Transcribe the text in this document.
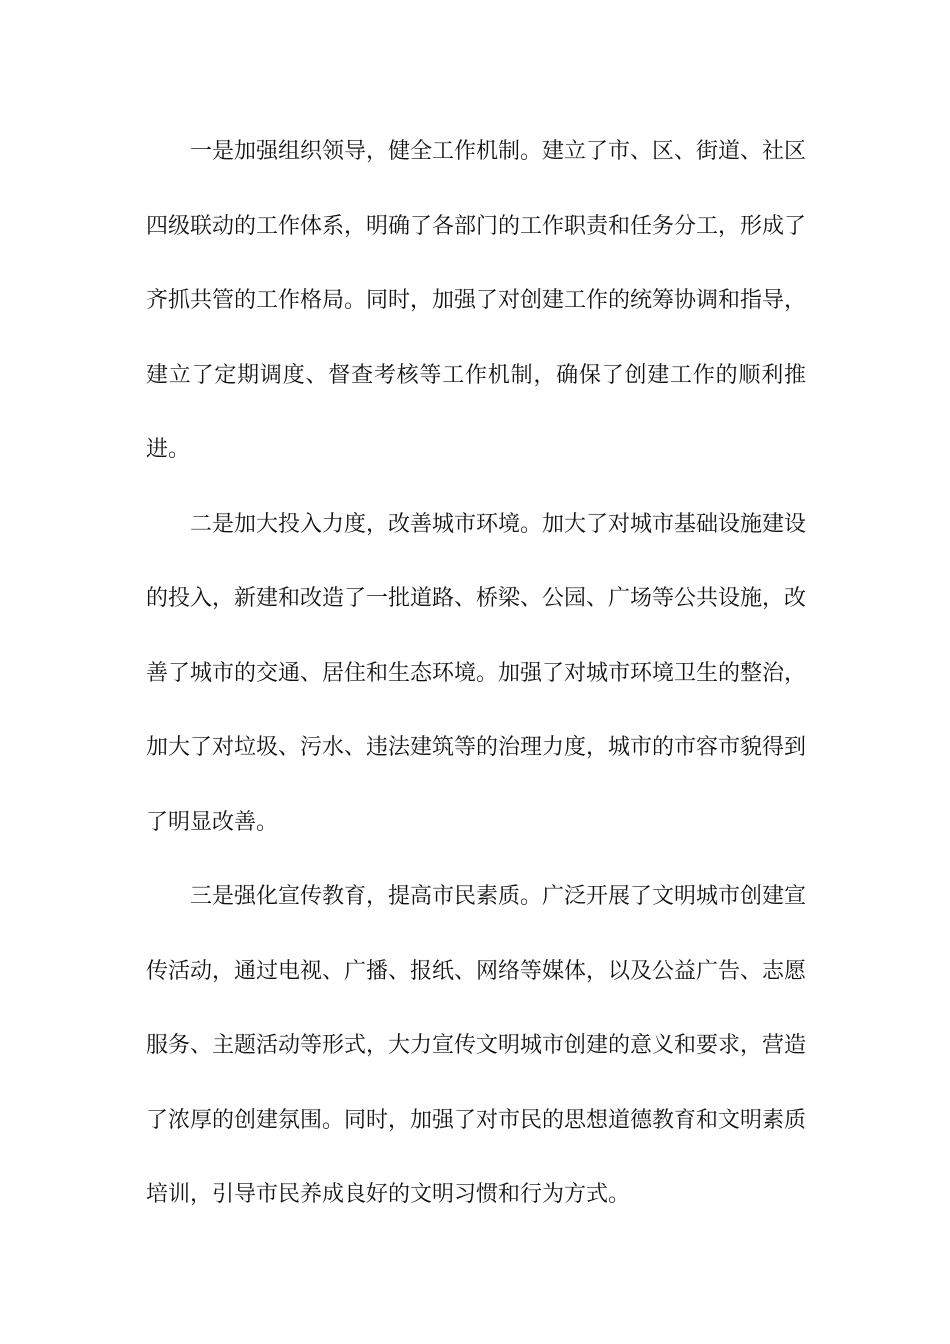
一是加强组织领导，健全工作机制。建立了市、区、街道、社区四级联动的工作体系，明确了各部门的工作职责和任务分工，形成了齐抓共管的工作格局。同时，加强了对创建工作的统筹协调和指导，建立了定期调度、督查考核等工作机制，确保了创建工作的顺利推进。

二是加大投入力度，改善城市环境。加大了对城市基础设施建设的投入，新建和改造了一批道路、桥梁、公园、广场等公共设施，改善了城市的交通、居住和生态环境。加强了对城市环境卫生的整治，加大了对垃圾、污水、违法建筑等的治理力度，城市的市容市貌得到了明显改善。

三是强化宣传教育，提高市民素质。广泛开展了文明城市创建宣传活动，通过电视、广播、报纸、网络等媒体，以及公益广告、志愿服务、主题活动等形式，大力宣传文明城市创建的意义和要求，营造了浓厚的创建氛围。同时，加强了对市民的思想道德教育和文明素质培训，引导市民养成良好的文明习惯和行为方式。
